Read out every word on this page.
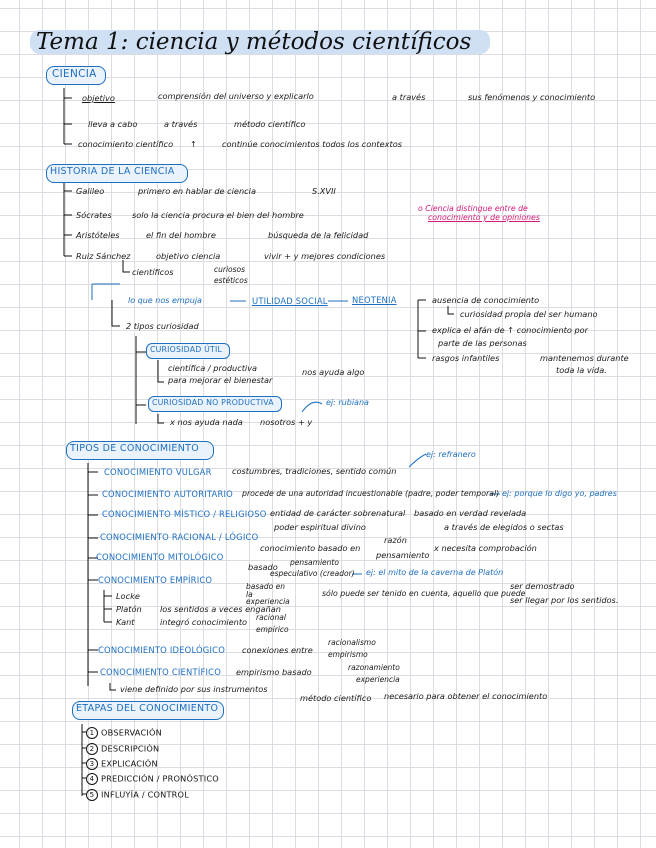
Tema 1: ciencia y métodos científicos
CIENCIA
objetivo	comprensión del universo y explicarlo	a través	sus fenómenos y conocimiento
lleva a cabo	a través	método científico
conocimiento científico ↑	continúe conocimientos todos los contextos
HISTORIA DE LA CIENCIA
Galileo	primero en hablar de ciencia	S.XVII
Sócrates solo la ciencia procura el bien del hombre
Aristóteles	el fin del hombre	búsqueda de la felicidad
Ruiz Sánchez	objetivo ciencia	vivir + y mejores condiciones
científicos	curiosos
estéticos
o Ciencia distingue entre de
conocimiento y de opiniones
lo que nos empuja	UTILIDAD SOCIAL	NEOTENIA	ausencia de conocimiento
curiosidad propia del ser humano
explica el afán de ↑ conocimiento por
parte de las personas
rasgos infantiles	mantenemos durante
toda la vida.
2 tipos curiosidad
CURIOSIDAD ÚTIL
científica / productiva
para mejorar el bienestar
nos ayuda algo
CURIOSIDAD NO PRODUCTIVA
x nos ayuda nada nosotros + y
ej: rubiana
TIPOS DE CONOCIMIENTO
CONOCIMIENTO VULGAR costumbres, tradiciones, sentido común
ej: refranero
CONOCIMIENTO AUTORITARIO procede de una autoridad incuestionable (padre, poder temporal) ej: porque lo digo yo, padres
CONOCIMIENTO MÍSTICO / RELIGIOSO entidad de carácter sobrenatural basado en verdad revelada
poder espiritual divino	a través de elegidos o sectas
CONOCIMIENTO RACIONAL / LÓGICO
conocimiento basado en
razón
pensamiento
x necesita comprobación
CONOCIMIENTO MITOLÓGICO
basado pensamiento
especulativo (creador) ej: el mito de la caverna de Platón
CONOCIMIENTO EMPÍRICO
basado en la experiencia
sólo puede ser tenido en cuenta, aquello que puede
ser demostrado
ser llegar por los sentidos.
Locke
Platón los sentidos a veces engañan
Kant	integró conocimiento racional
empírico
CONOCIMIENTO IDEOLÓGICO conexiones entre
racionalismo
empirismo
CONOCIMIENTO CIENTÍFICO empirismo basado	razonamiento
experiencia
viene definido por sus instrumentos
método científico necesario para obtener el conocimiento
ETAPAS DEL CONOCIMIENTO
1 OBSERVACIÓN
2 DESCRIPCIÓN
3 EXPLICACIÓN
4 PREDICCIÓN / PRONÓSTICO
5 INFLUYÍA / CONTROL
